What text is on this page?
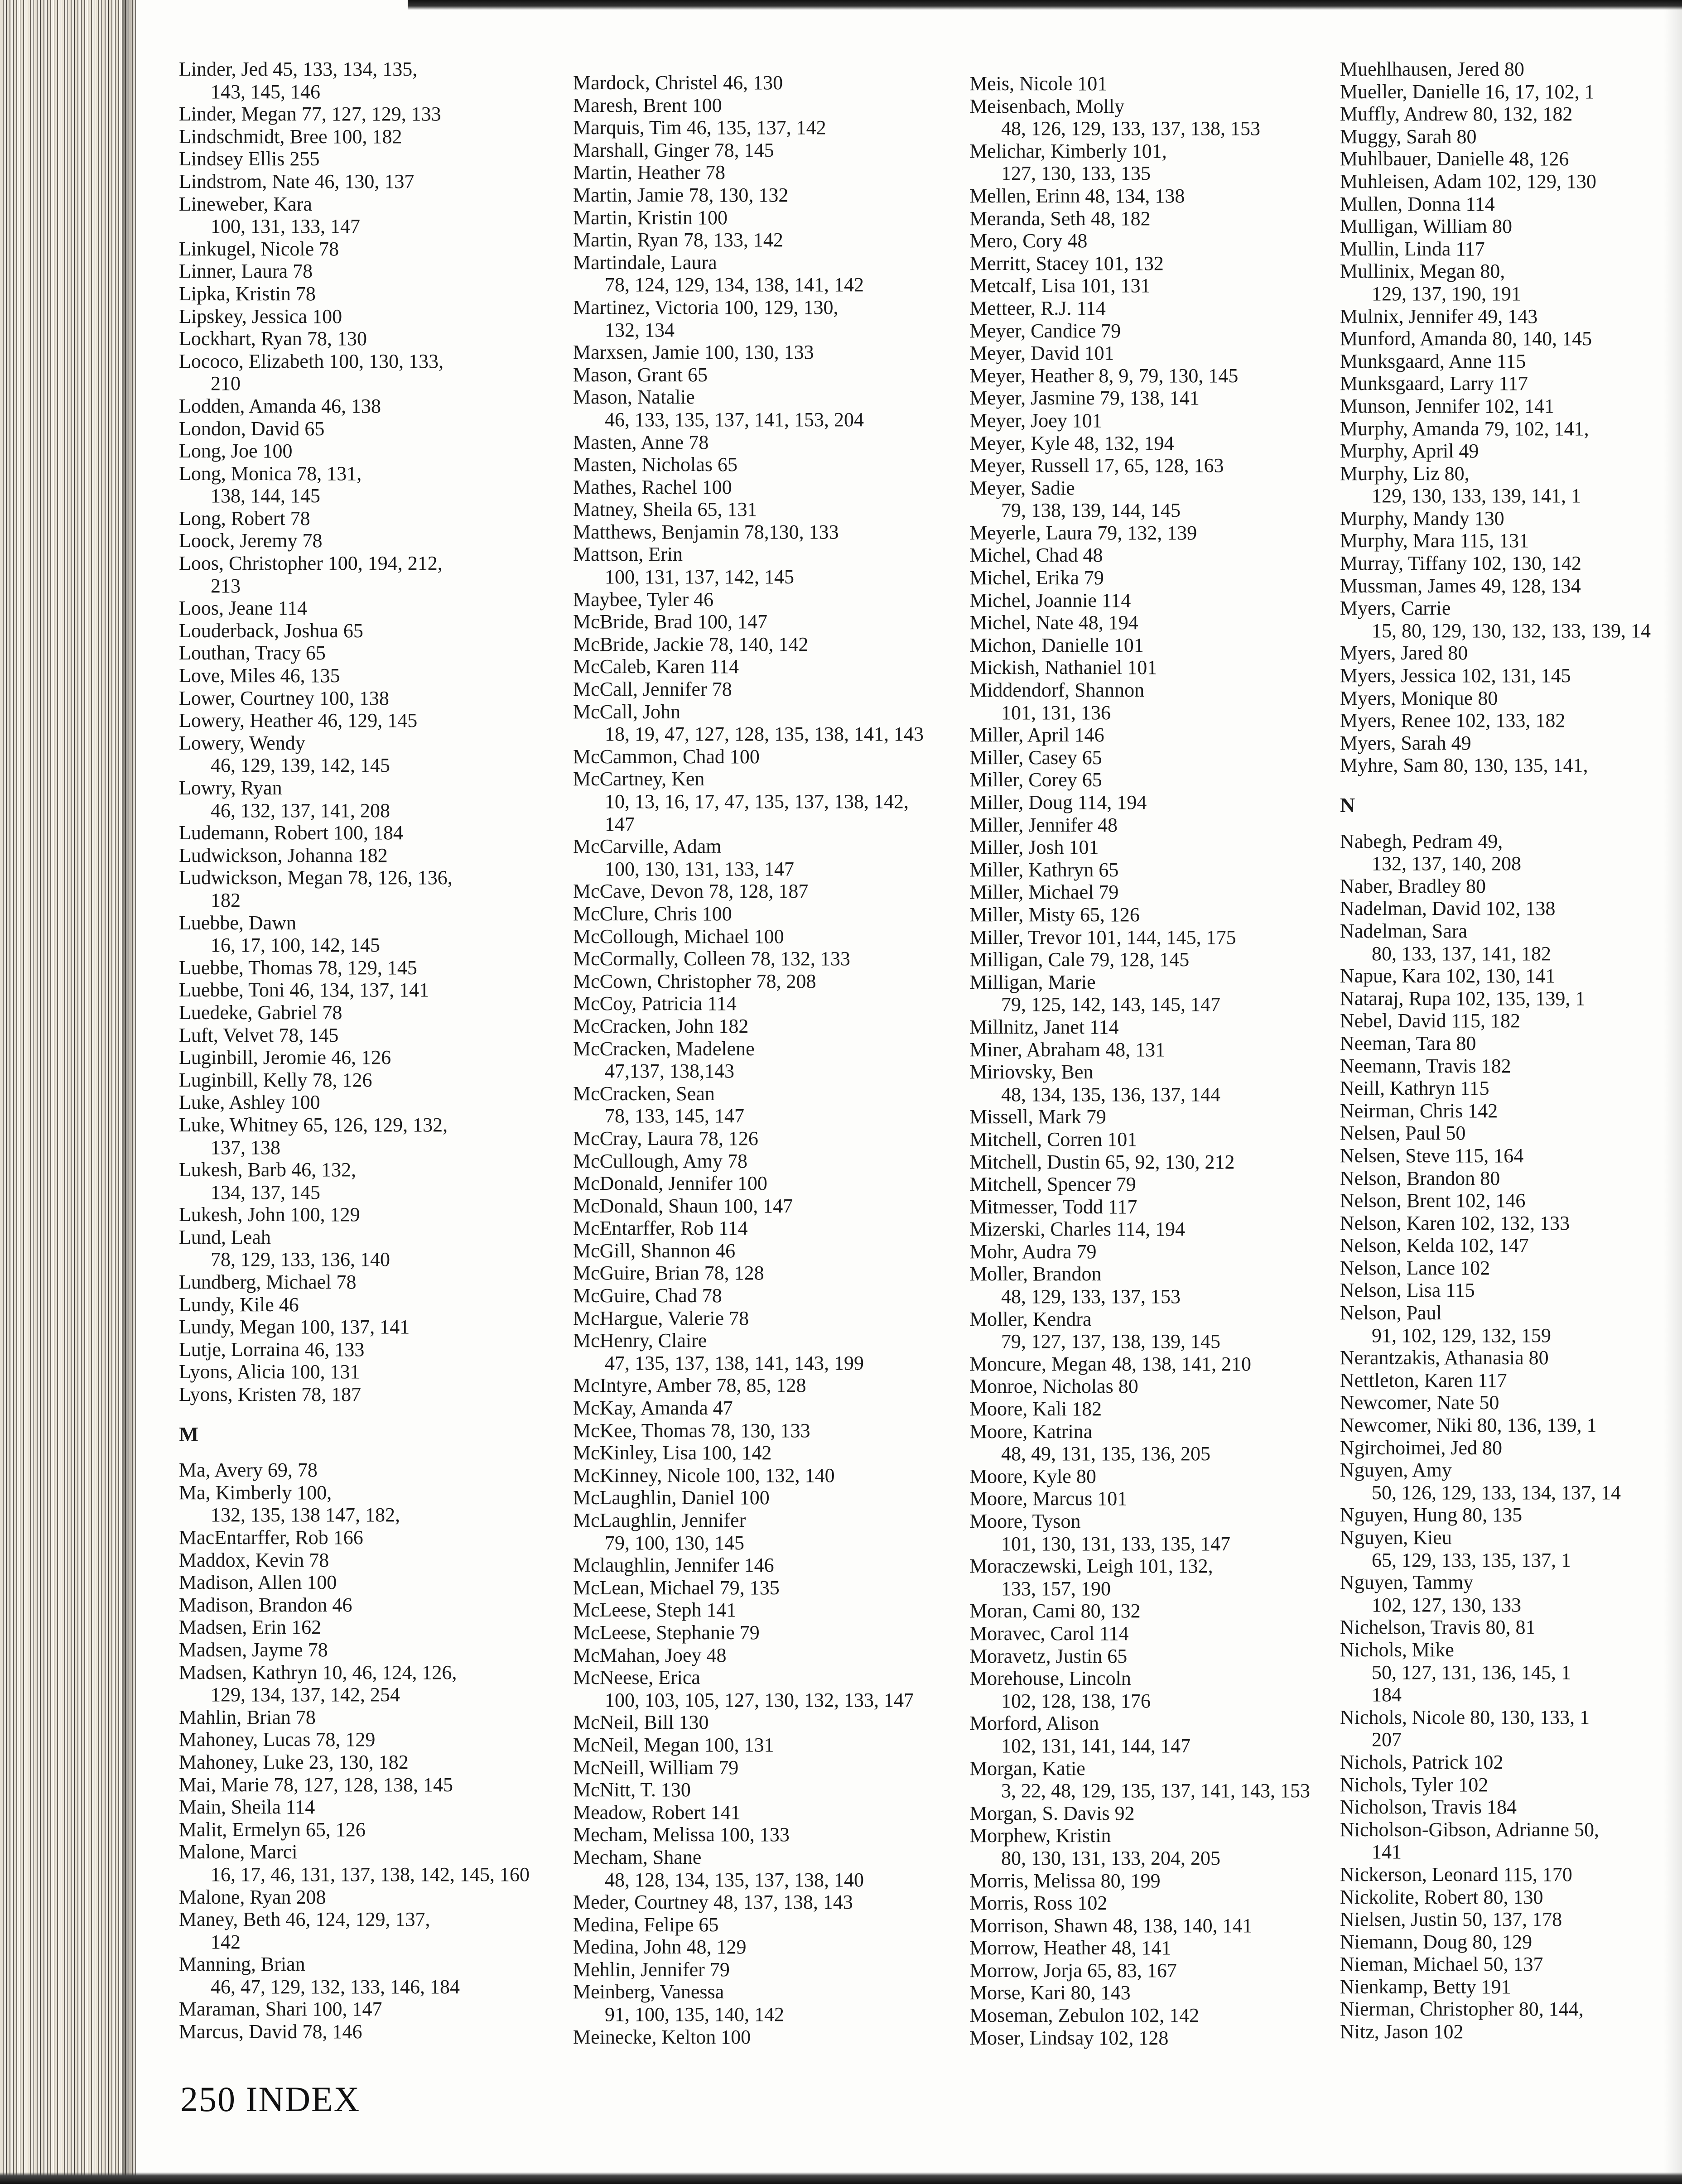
Linder, Jed 45, 133, 134, 135,
143, 145, 146
Linder, Megan 77, 127, 129, 133
Lindschmidt, Bree 100, 182
Lindsey Ellis 255
Lindstrom, Nate 46, 130, 137
Lineweber, Kara
100, 131, 133, 147
Linkugel, Nicole 78
Linner, Laura 78
Lipka, Kristin 78
Lipskey, Jessica 100
Lockhart, Ryan 78, 130
Lococo, Elizabeth 100, 130, 133,
210
Lodden, Amanda 46, 138
London, David 65
Long, Joe 100
Long, Monica 78, 131,
138, 144, 145
Long, Robert 78
Loock, Jeremy 78
Loos, Christopher 100, 194, 212,
213
Loos, Jeane 114
Louderback, Joshua 65
Louthan, Tracy 65
Love, Miles 46, 135
Lower, Courtney 100, 138
Lowery, Heather 46, 129, 145
Lowery, Wendy
46, 129, 139, 142, 145
Lowry, Ryan
46, 132, 137, 141, 208
Ludemann, Robert 100, 184
Ludwickson, Johanna 182
Ludwickson, Megan 78, 126, 136,
182
Luebbe, Dawn
16, 17, 100, 142, 145
Luebbe, Thomas 78, 129, 145
Luebbe, Toni 46, 134, 137, 141
Luedeke, Gabriel 78
Luft, Velvet 78, 145
Luginbill, Jeromie 46, 126
Luginbill, Kelly 78, 126
Luke, Ashley 100
Luke, Whitney 65, 126, 129, 132,
137, 138
Lukesh, Barb 46, 132,
134, 137, 145
Lukesh, John 100, 129
Lund, Leah
78, 129, 133, 136, 140
Lundberg, Michael 78
Lundy, Kile 46
Lundy, Megan 100, 137, 141
Lutje, Lorraina 46, 133
Lyons, Alicia 100, 131
Lyons, Kristen 78, 187
M
Ma, Avery 69, 78
Ma, Kimberly 100,
132, 135, 138 147, 182,
MacEntarffer, Rob 166
Maddox, Kevin 78
Madison, Allen 100
Madison, Brandon 46
Madsen, Erin 162
Madsen, Jayme 78
Madsen, Kathryn 10, 46, 124, 126,
129, 134, 137, 142, 254
Mahlin, Brian 78
Mahoney, Lucas 78, 129
Mahoney, Luke 23, 130, 182
Mai, Marie 78, 127, 128, 138, 145
Main, Sheila 114
Malit, Ermelyn 65, 126
Malone, Marci
16, 17, 46, 131, 137, 138, 142, 145, 160
Malone, Ryan 208
Maney, Beth 46, 124, 129, 137,
142
Manning, Brian
46, 47, 129, 132, 133, 146, 184
Maraman, Shari 100, 147
Marcus, David 78, 146
Mardock, Christel 46, 130
Maresh, Brent 100
Marquis, Tim 46, 135, 137, 142
Marshall, Ginger 78, 145
Martin, Heather 78
Martin, Jamie 78, 130, 132
Martin, Kristin 100
Martin, Ryan 78, 133, 142
Martindale, Laura
78, 124, 129, 134, 138, 141, 142
Martinez, Victoria 100, 129, 130,
132, 134
Marxsen, Jamie 100, 130, 133
Mason, Grant 65
Mason, Natalie
46, 133, 135, 137, 141, 153, 204
Masten, Anne 78
Masten, Nicholas 65
Mathes, Rachel 100
Matney, Sheila 65, 131
Matthews, Benjamin 78,130, 133
Mattson, Erin
100, 131, 137, 142, 145
Maybee, Tyler 46
McBride, Brad 100, 147
McBride, Jackie 78, 140, 142
McCaleb, Karen 114
McCall, Jennifer 78
McCall, John
18, 19, 47, 127, 128, 135, 138, 141, 143
McCammon, Chad 100
McCartney, Ken
10, 13, 16, 17, 47, 135, 137, 138, 142,
147
McCarville, Adam
100, 130, 131, 133, 147
McCave, Devon 78, 128, 187
McClure, Chris 100
McCollough, Michael 100
McCormally, Colleen 78, 132, 133
McCown, Christopher 78, 208
McCoy, Patricia 114
McCracken, John 182
McCracken, Madelene
47,137, 138,143
McCracken, Sean
78, 133, 145, 147
McCray, Laura 78, 126
McCullough, Amy 78
McDonald, Jennifer 100
McDonald, Shaun 100, 147
McEntarffer, Rob 114
McGill, Shannon 46
McGuire, Brian 78, 128
McGuire, Chad 78
McHargue, Valerie 78
McHenry, Claire
47, 135, 137, 138, 141, 143, 199
McIntyre, Amber 78, 85, 128
McKay, Amanda 47
McKee, Thomas 78, 130, 133
McKinley, Lisa 100, 142
McKinney, Nicole 100, 132, 140
McLaughlin, Daniel 100
McLaughlin, Jennifer
79, 100, 130, 145
Mclaughlin, Jennifer 146
McLean, Michael 79, 135
McLeese, Steph 141
McLeese, Stephanie 79
McMahan, Joey 48
McNeese, Erica
100, 103, 105, 127, 130, 132, 133, 147
McNeil, Bill 130
McNeil, Megan 100, 131
McNeill, William 79
McNitt, T. 130
Meadow, Robert 141
Mecham, Melissa 100, 133
Mecham, Shane
48, 128, 134, 135, 137, 138, 140
Meder, Courtney 48, 137, 138, 143
Medina, Felipe 65
Medina, John 48, 129
Mehlin, Jennifer 79
Meinberg, Vanessa
91, 100, 135, 140, 142
Meinecke, Kelton 100
Meis, Nicole 101
Meisenbach, Molly
48, 126, 129, 133, 137, 138, 153
Melichar, Kimberly 101,
127, 130, 133, 135
Mellen, Erinn 48, 134, 138
Meranda, Seth 48, 182
Mero, Cory 48
Merritt, Stacey 101, 132
Metcalf, Lisa 101, 131
Metteer, R.J. 114
Meyer, Candice 79
Meyer, David 101
Meyer, Heather 8, 9, 79, 130, 145
Meyer, Jasmine 79, 138, 141
Meyer, Joey 101
Meyer, Kyle 48, 132, 194
Meyer, Russell 17, 65, 128, 163
Meyer, Sadie
79, 138, 139, 144, 145
Meyerle, Laura 79, 132, 139
Michel, Chad 48
Michel, Erika 79
Michel, Joannie 114
Michel, Nate 48, 194
Michon, Danielle 101
Mickish, Nathaniel 101
Middendorf, Shannon
101, 131, 136
Miller, April 146
Miller, Casey 65
Miller, Corey 65
Miller, Doug 114, 194
Miller, Jennifer 48
Miller, Josh 101
Miller, Kathryn 65
Miller, Michael 79
Miller, Misty 65, 126
Miller, Trevor 101, 144, 145, 175
Milligan, Cale 79, 128, 145
Milligan, Marie
79, 125, 142, 143, 145, 147
Millnitz, Janet 114
Miner, Abraham 48, 131
Miriovsky, Ben
48, 134, 135, 136, 137, 144
Missell, Mark 79
Mitchell, Corren 101
Mitchell, Dustin 65, 92, 130, 212
Mitchell, Spencer 79
Mitmesser, Todd 117
Mizerski, Charles 114, 194
Mohr, Audra 79
Moller, Brandon
48, 129, 133, 137, 153
Moller, Kendra
79, 127, 137, 138, 139, 145
Moncure, Megan 48, 138, 141, 210
Monroe, Nicholas 80
Moore, Kali 182
Moore, Katrina
48, 49, 131, 135, 136, 205
Moore, Kyle 80
Moore, Marcus 101
Moore, Tyson
101, 130, 131, 133, 135, 147
Moraczewski, Leigh 101, 132,
133, 157, 190
Moran, Cami 80, 132
Moravec, Carol 114
Moravetz, Justin 65
Morehouse, Lincoln
102, 128, 138, 176
Morford, Alison
102, 131, 141, 144, 147
Morgan, Katie
3, 22, 48, 129, 135, 137, 141, 143, 153
Morgan, S. Davis 92
Morphew, Kristin
80, 130, 131, 133, 204, 205
Morris, Melissa 80, 199
Morris, Ross 102
Morrison, Shawn 48, 138, 140, 141
Morrow, Heather 48, 141
Morrow, Jorja 65, 83, 167
Morse, Kari 80, 143
Moseman, Zebulon 102, 142
Moser, Lindsay 102, 128
Muehlhausen, Jered 80
Mueller, Danielle 16, 17, 102, 1
Muffly, Andrew 80, 132, 182
Muggy, Sarah 80
Muhlbauer, Danielle 48, 126
Muhleisen, Adam 102, 129, 130
Mullen, Donna 114
Mulligan, William 80
Mullin, Linda 117
Mullinix, Megan 80,
129, 137, 190, 191
Mulnix, Jennifer 49, 143
Munford, Amanda 80, 140, 145
Munksgaard, Anne 115
Munksgaard, Larry 117
Munson, Jennifer 102, 141
Murphy, Amanda 79, 102, 141,
Murphy, April 49
Murphy, Liz 80,
129, 130, 133, 139, 141, 1
Murphy, Mandy 130
Murphy, Mara 115, 131
Murray, Tiffany 102, 130, 142
Mussman, James 49, 128, 134
Myers, Carrie
15, 80, 129, 130, 132, 133, 139, 14
Myers, Jared 80
Myers, Jessica 102, 131, 145
Myers, Monique 80
Myers, Renee 102, 133, 182
Myers, Sarah 49
Myhre, Sam 80, 130, 135, 141,
N
Nabegh, Pedram 49,
132, 137, 140, 208
Naber, Bradley 80
Nadelman, David 102, 138
Nadelman, Sara
80, 133, 137, 141, 182
Napue, Kara 102, 130, 141
Nataraj, Rupa 102, 135, 139, 1
Nebel, David 115, 182
Neeman, Tara 80
Neemann, Travis 182
Neill, Kathryn 115
Neirman, Chris 142
Nelsen, Paul 50
Nelsen, Steve 115, 164
Nelson, Brandon 80
Nelson, Brent 102, 146
Nelson, Karen 102, 132, 133
Nelson, Kelda 102, 147
Nelson, Lance 102
Nelson, Lisa 115
Nelson, Paul
91, 102, 129, 132, 159
Nerantzakis, Athanasia 80
Nettleton, Karen 117
Newcomer, Nate 50
Newcomer, Niki 80, 136, 139, 1
Ngirchoimei, Jed 80
Nguyen, Amy
50, 126, 129, 133, 134, 137, 14
Nguyen, Hung 80, 135
Nguyen, Kieu
65, 129, 133, 135, 137, 1
Nguyen, Tammy
102, 127, 130, 133
Nichelson, Travis 80, 81
Nichols, Mike
50, 127, 131, 136, 145, 1
184
Nichols, Nicole 80, 130, 133, 1
207
Nichols, Patrick 102
Nichols, Tyler 102
Nicholson, Travis 184
Nicholson-Gibson, Adrianne 50,
141
Nickerson, Leonard 115, 170
Nickolite, Robert 80, 130
Nielsen, Justin 50, 137, 178
Niemann, Doug 80, 129
Nieman, Michael 50, 137
Nienkamp, Betty 191
Nierman, Christopher 80, 144,
Nitz, Jason 102
250 INDEX
